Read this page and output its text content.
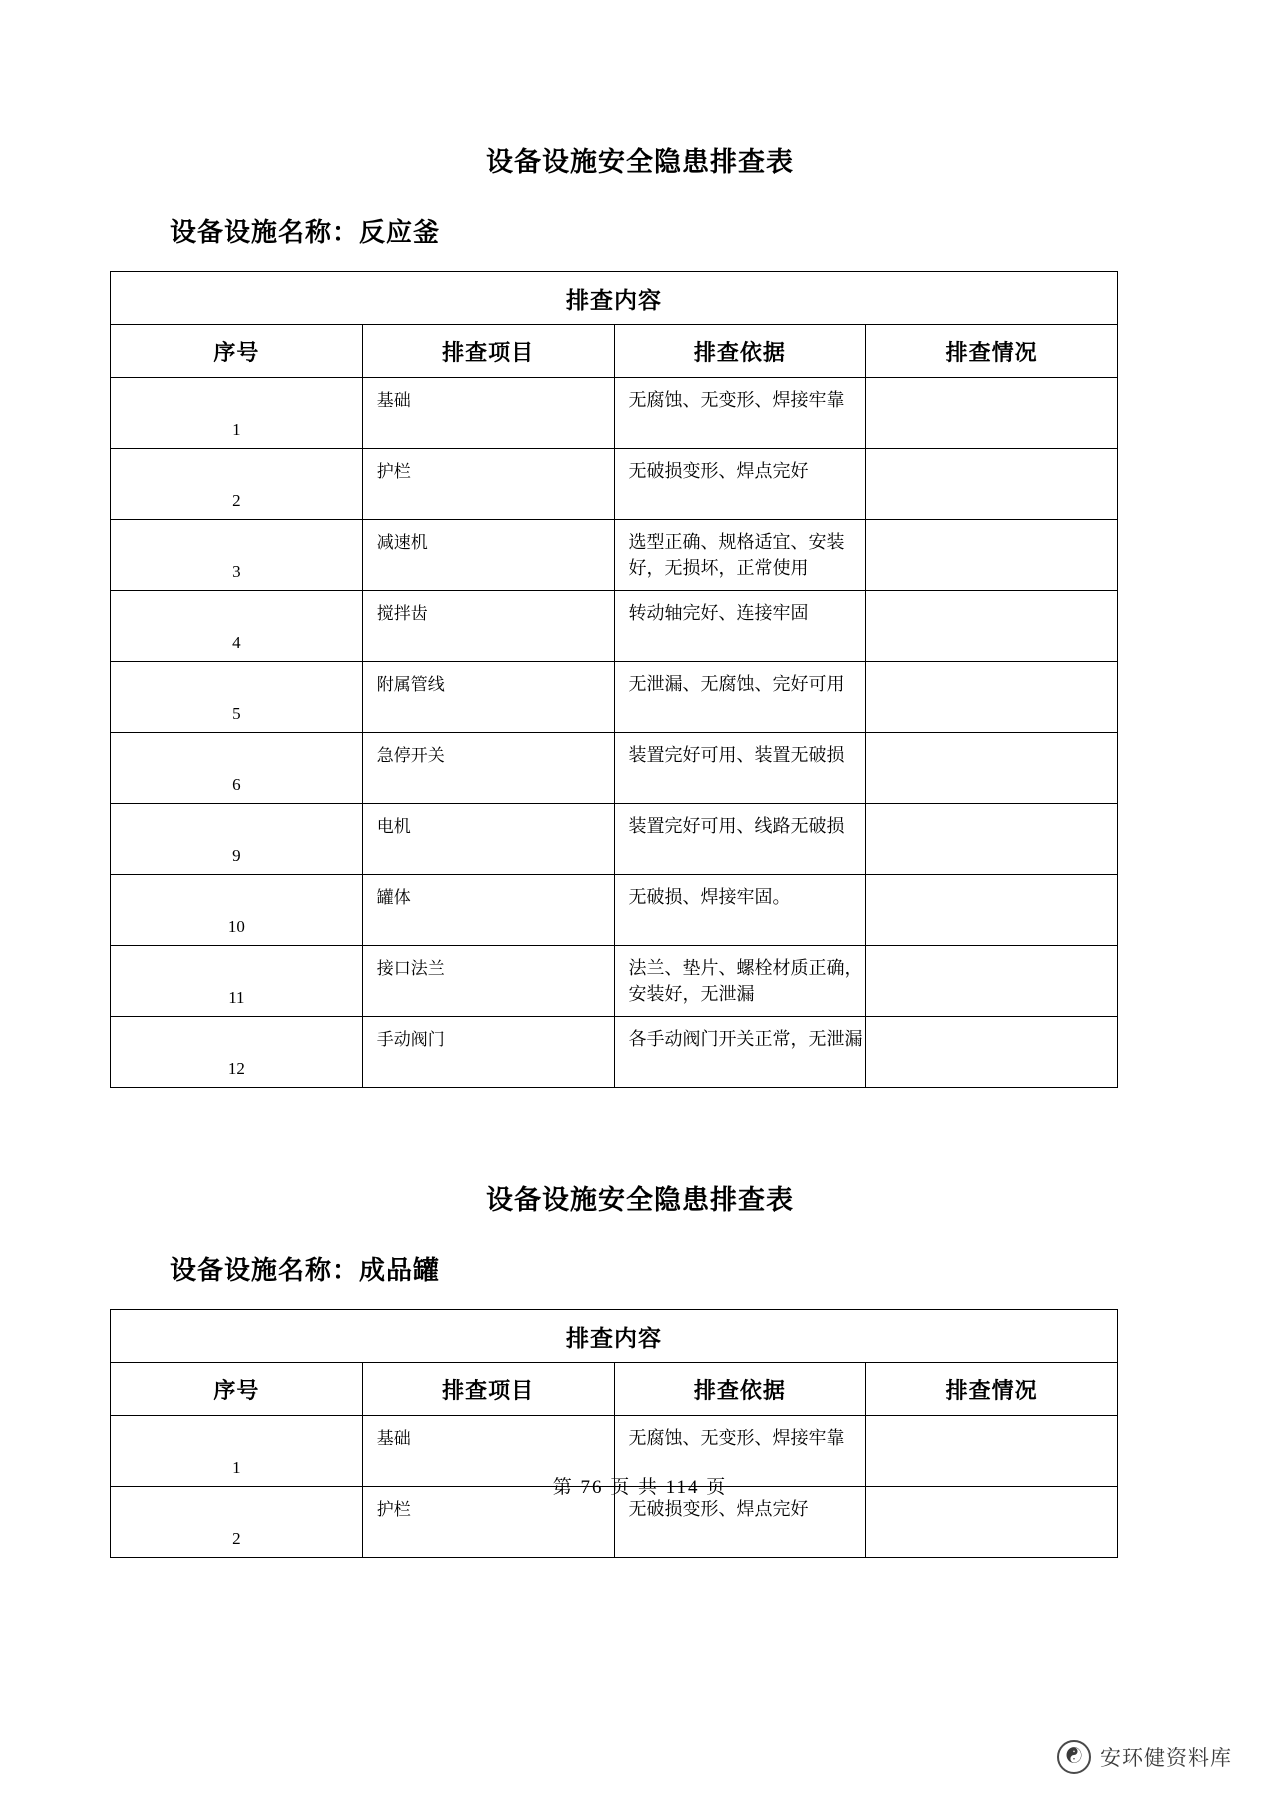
设备设施安全隐患排查表
设备设施名称：反应釜
排查内容			
序号	排查项目	排查依据	排查情况
1	基础	无腐蚀、无变形、焊接牢靠	
2	护栏	无破损变形、焊点完好	
3	减速机	选型正确、规格适宜、安装好，无损坏，正常使用	
4	搅拌齿	转动轴完好、连接牢固	
5	附属管线	无泄漏、无腐蚀、完好可用	
6	急停开关	装置完好可用、装置无破损	
9	电机	装置完好可用、线路无破损	
10	罐体	无破损、焊接牢固。	
11	接口法兰	法兰、垫片、螺栓材质正确，安装好，无泄漏	
12	手动阀门	各手动阀门开关正常，无泄漏	
设备设施安全隐患排查表
设备设施名称：成品罐
排查内容			
序号	排查项目	排查依据	排查情况
1	基础	无腐蚀、无变形、焊接牢靠	
2	护栏	无破损变形、焊点完好	
第 76 页 共 114 页
☯ 安环健资料库
